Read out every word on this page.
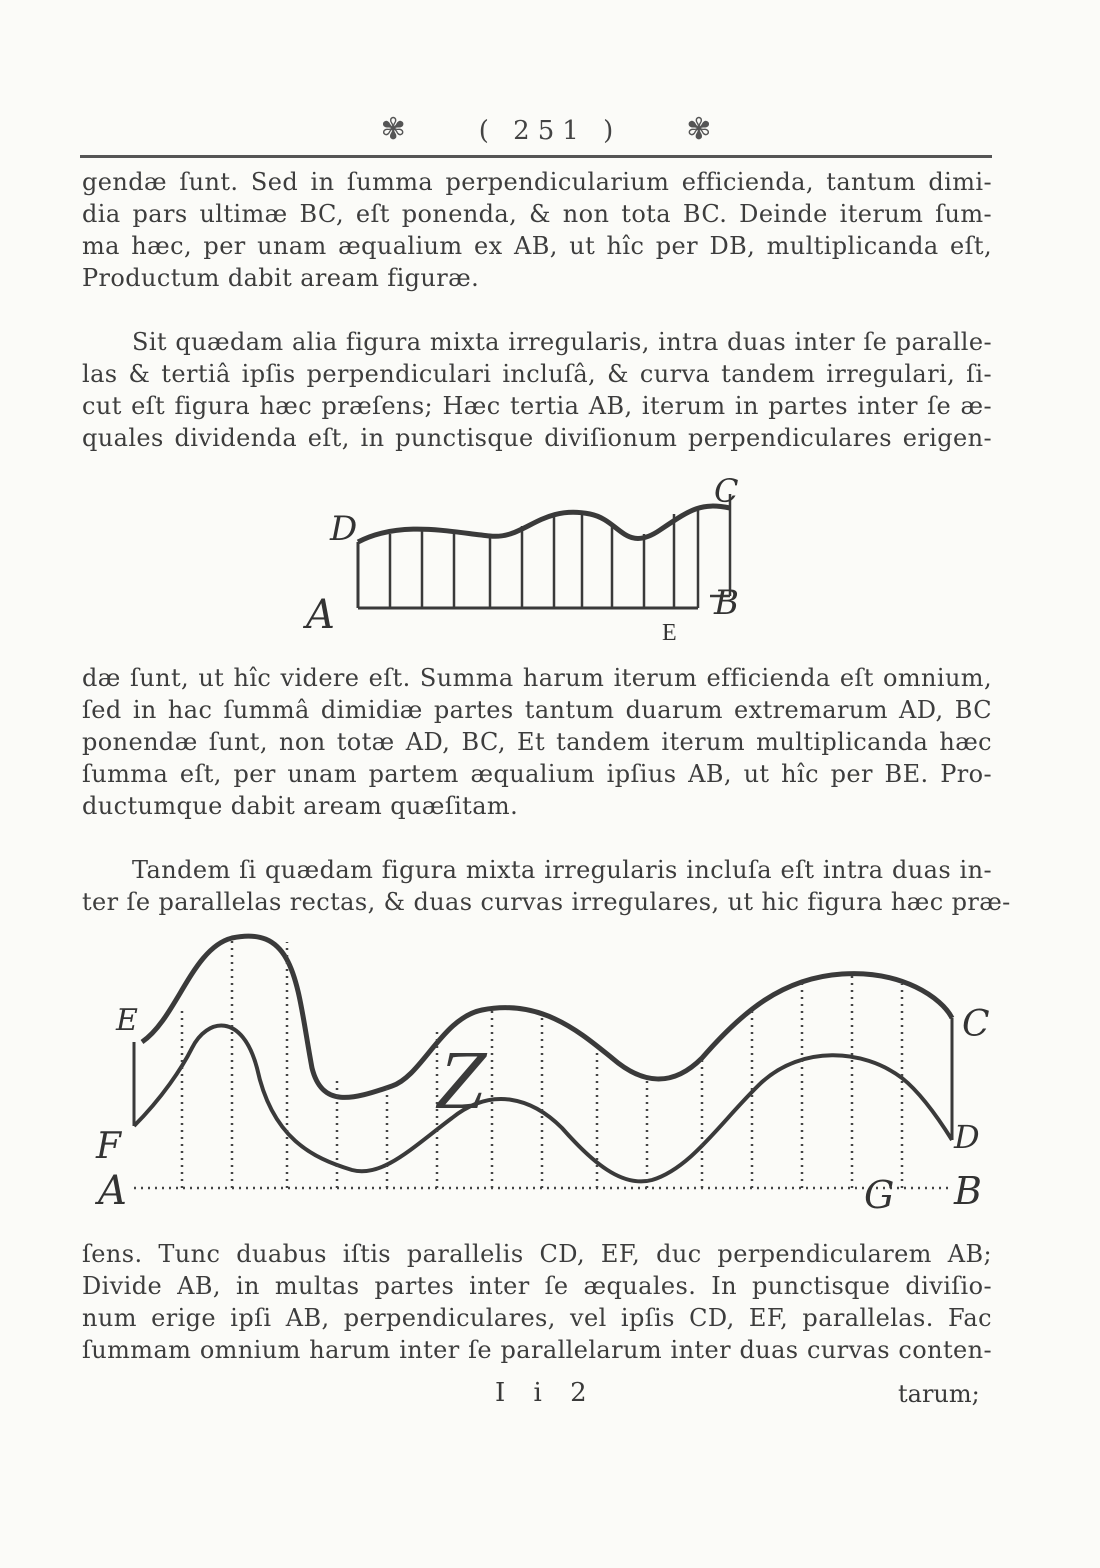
✾	( 251 ) ✾

gendæ ſunt. Sed in ſumma perpendicularium efficienda, tantum dimi-
dia pars ultimæ BC, eſt ponenda, & non tota BC. Deinde iterum ſum-
ma hæc, per unam æqualium ex AB, ut hîc per DB, multiplicanda eſt,
Productum dabit aream figuræ.

Sit quædam alia figura mixta irregularis, intra duas inter ſe paralle-
las & tertiâ ipſis perpendiculari incluſâ, & curva tandem irregulari, ſi-
cut eſt figura hæc præſens; Hæc tertia AB, iterum in partes inter ſe æ-
quales dividenda eſt, in punctisque diviſionum perpendiculares erigen-

D
C
A	B
E

dæ ſunt, ut hîc videre eſt. Summa harum iterum efficienda eſt omnium,
ſed in hac ſummâ dimidiæ partes tantum duarum extremarum AD, BC
ponendæ ſunt, non totæ AD, BC, Et tandem iterum multiplicanda hæc
ſumma eſt, per unam partem æqualium ipſius AB, ut hîc per BE. Pro-
ductumque dabit aream quæſitam.

Tandem ſi quædam figura mixta irregularis incluſa eſt intra duas in-
ter ſe parallelas rectas, & duas curvas irregulares, ut hic figura hæc præ-

E	C
Z
F	D
A	G B

ſens. Tunc duabus iſtis parallelis CD, EF, duc perpendicularem AB;
Divide AB, in multas partes inter ſe æquales. In punctisque diviſio-
num erige ipſi AB, perpendiculares, vel ipſis CD, EF, parallelas. Fac
ſummam omnium harum inter ſe parallelarum inter duas curvas conten-

I i 2	tarum;
